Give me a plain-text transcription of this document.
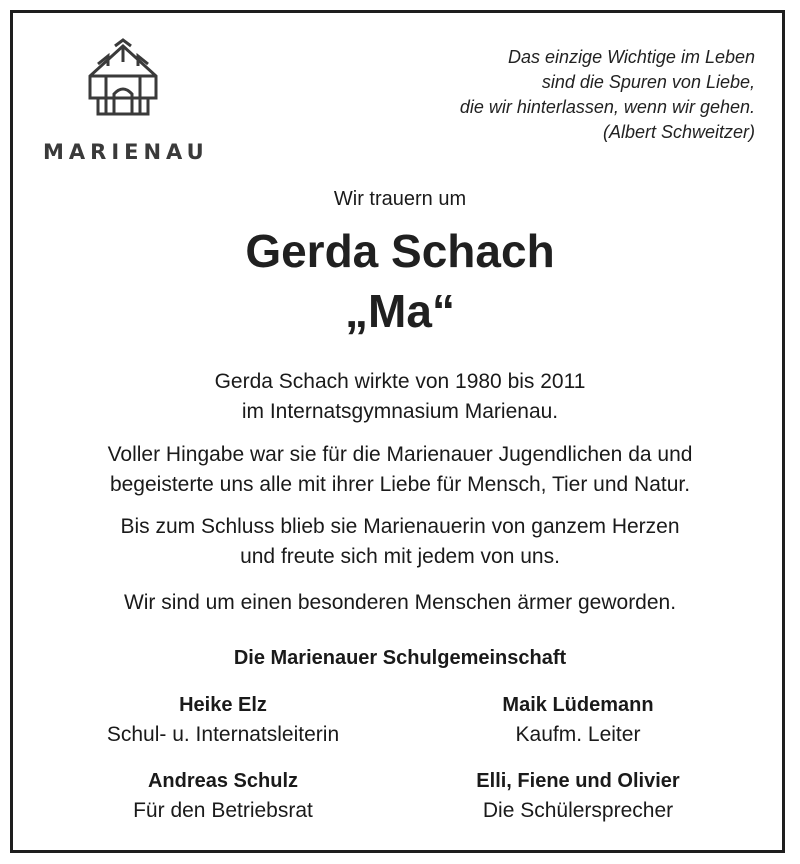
MARIENAU
Das einzige Wichtige im Leben
sind die Spuren von Liebe,
die wir hinterlassen, wenn wir gehen.
(Albert Schweitzer)
Wir trauern um
Gerda Schach
„Ma“
Gerda Schach wirkte von 1980 bis 2011
im Internatsgymnasium Marienau.
Voller Hingabe war sie für die Marienauer Jugendlichen da und
begeisterte uns alle mit ihrer Liebe für Mensch, Tier und Natur.
Bis zum Schluss blieb sie Marienauerin von ganzem Herzen
und freute sich mit jedem von uns.
Wir sind um einen besonderen Menschen ärmer geworden.
Die Marienauer Schulgemeinschaft
Heike Elz
Schul- u. Internatsleiterin
Maik Lüdemann
Kaufm. Leiter
Andreas Schulz
Für den Betriebsrat
Elli, Fiene und Olivier
Die Schülersprecher
